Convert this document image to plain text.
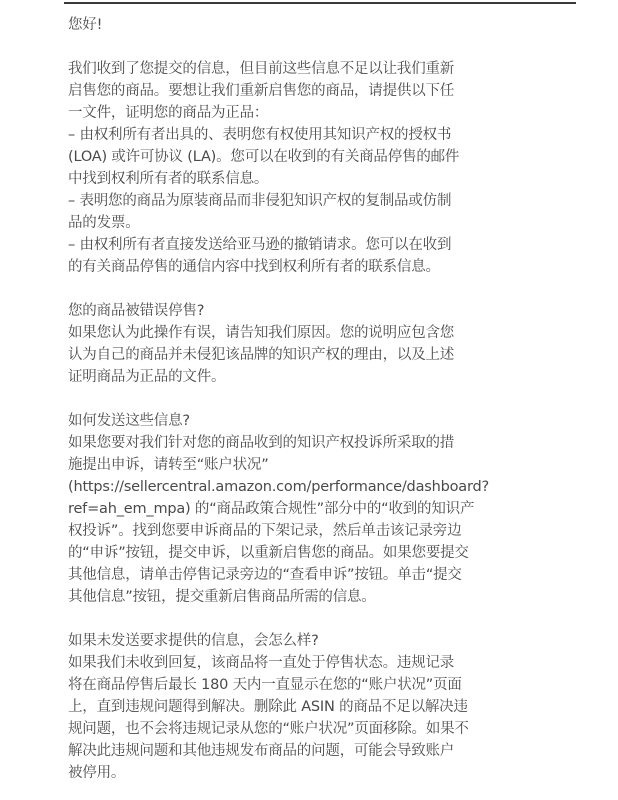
您好!
我们收到了您提交的信息，但目前这些信息不足以让我们重新
启售您的商品。要想让我们重新启售您的商品，请提供以下任
一文件，证明您的商品为正品：
– 由权利所有者出具的、表明您有权使用其知识产权的授权书
(LOA) 或许可协议 (LA)。您可以在收到的有关商品停售的邮件
中找到权利所有者的联系信息。
– 表明您的商品为原装商品而非侵犯知识产权的复制品或仿制
品的发票。
– 由权利所有者直接发送给亚马逊的撤销请求。您可以在收到
的有关商品停售的通信内容中找到权利所有者的联系信息。
您的商品被错误停售?
如果您认为此操作有误，请告知我们原因。您的说明应包含您
认为自己的商品并未侵犯该品牌的知识产权的理由，以及上述
证明商品为正品的文件。
如何发送这些信息?
如果您要对我们针对您的商品收到的知识产权投诉所采取的措
施提出申诉，请转至“账户状况”
(https://sellercentral.amazon.com/performance/dashboard?
ref=ah_em_mpa) 的“商品政策合规性”部分中的“收到的知识产
权投诉”。找到您要申诉商品的下架记录，然后单击该记录旁边
的“申诉”按钮，提交申诉，以重新启售您的商品。如果您要提交
其他信息，请单击停售记录旁边的“查看申诉”按钮。单击“提交
其他信息”按钮，提交重新启售商品所需的信息。
如果未发送要求提供的信息，会怎么样?
如果我们未收到回复，该商品将一直处于停售状态。违规记录
将在商品停售后最长 180 天内一直显示在您的“账户状况”页面
上，直到违规问题得到解决。删除此 ASIN 的商品不足以解决违
规问题，也不会将违规记录从您的“账户状况”页面移除。如果不
解决此违规问题和其他违规发布商品的问题，可能会导致账户
被停用。
